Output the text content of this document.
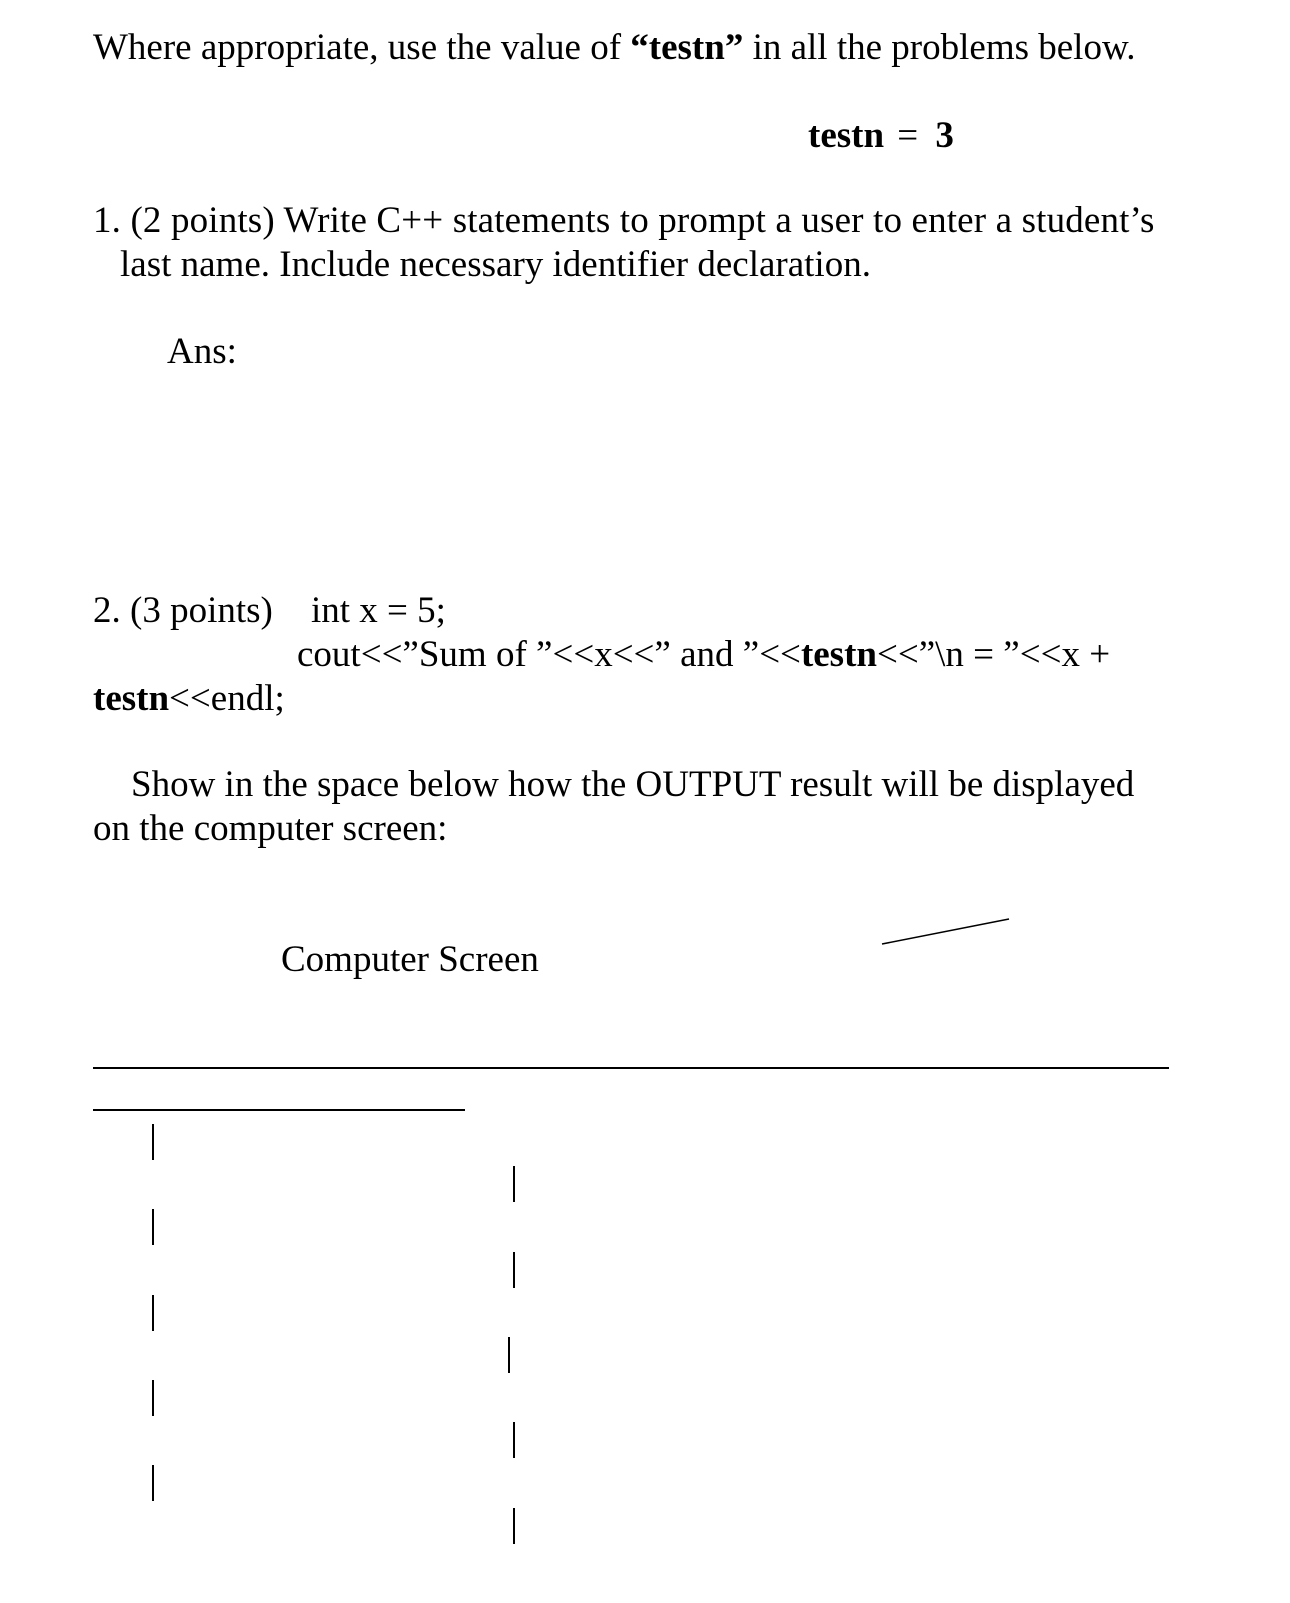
Where appropriate, use the value of “testn” in all the problems below.
testn = 3
1. (2 points) Write C++ statements to prompt a user to enter a student’s
last name. Include necessary identifier declaration.
Ans:
2. (3 points) int x = 5;
cout<<”Sum of ”<<x<<” and ”<<testn<<”\n = ”<<x +
testn<<endl;
Show in the space below how the OUTPUT result will be displayed
on the computer screen:
Computer Screen
